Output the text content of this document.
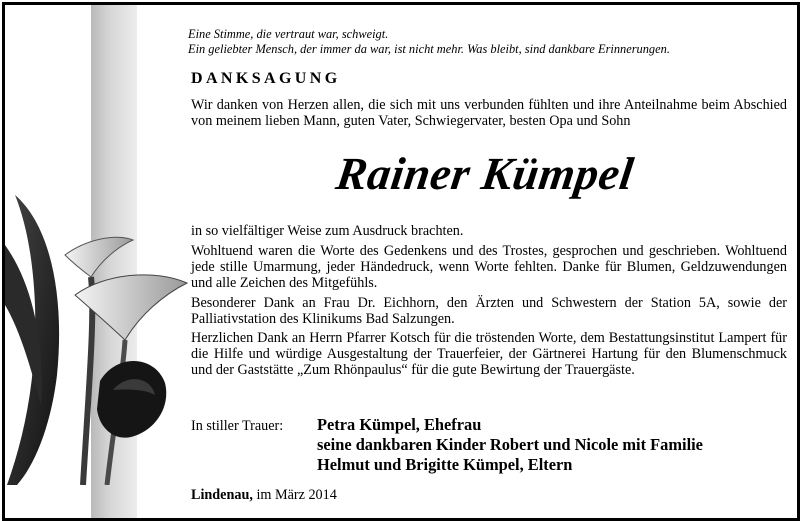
Eine Stimme, die vertraut war, schweigt.
Ein geliebter Mensch, der immer da war, ist nicht mehr. Was bleibt, sind dankbare Erinnerungen.
DANKSAGUNG
Wir danken von Herzen allen, die sich mit uns verbunden fühlten und ihre Anteilnahme beim Abschied von meinem lieben Mann, guten Vater, Schwiegervater, besten Opa und Sohn
Rainer Kümpel
in so vielfältiger Weise zum Ausdruck brachten.
Wohltuend waren die Worte des Gedenkens und des Trostes, gesprochen und geschrieben. Wohltuend jede stille Umarmung, jeder Händedruck, wenn Worte fehlten. Danke für Blumen, Geldzuwendungen und alle Zeichen des Mitgefühls.
Besonderer Dank an Frau Dr. Eichhorn, den Ärzten und Schwestern der Station 5A, sowie der Palliativstation des Klinikums Bad Salzungen.
Herzlichen Dank an Herrn Pfarrer Kotsch für die tröstenden Worte, dem Bestattungsinstitut Lampert für die Hilfe und würdige Ausgestaltung der Trauerfeier, der Gärtnerei Hartung für den Blumenschmuck und der Gaststätte „Zum Rhönpaulus“ für die gute Bewirtung der Trauergäste.
In stiller Trauer: Petra Kümpel, Ehefrau
seine dankbaren Kinder Robert und Nicole mit Familie
Helmut und Brigitte Kümpel, Eltern
Lindenau, im März 2014
